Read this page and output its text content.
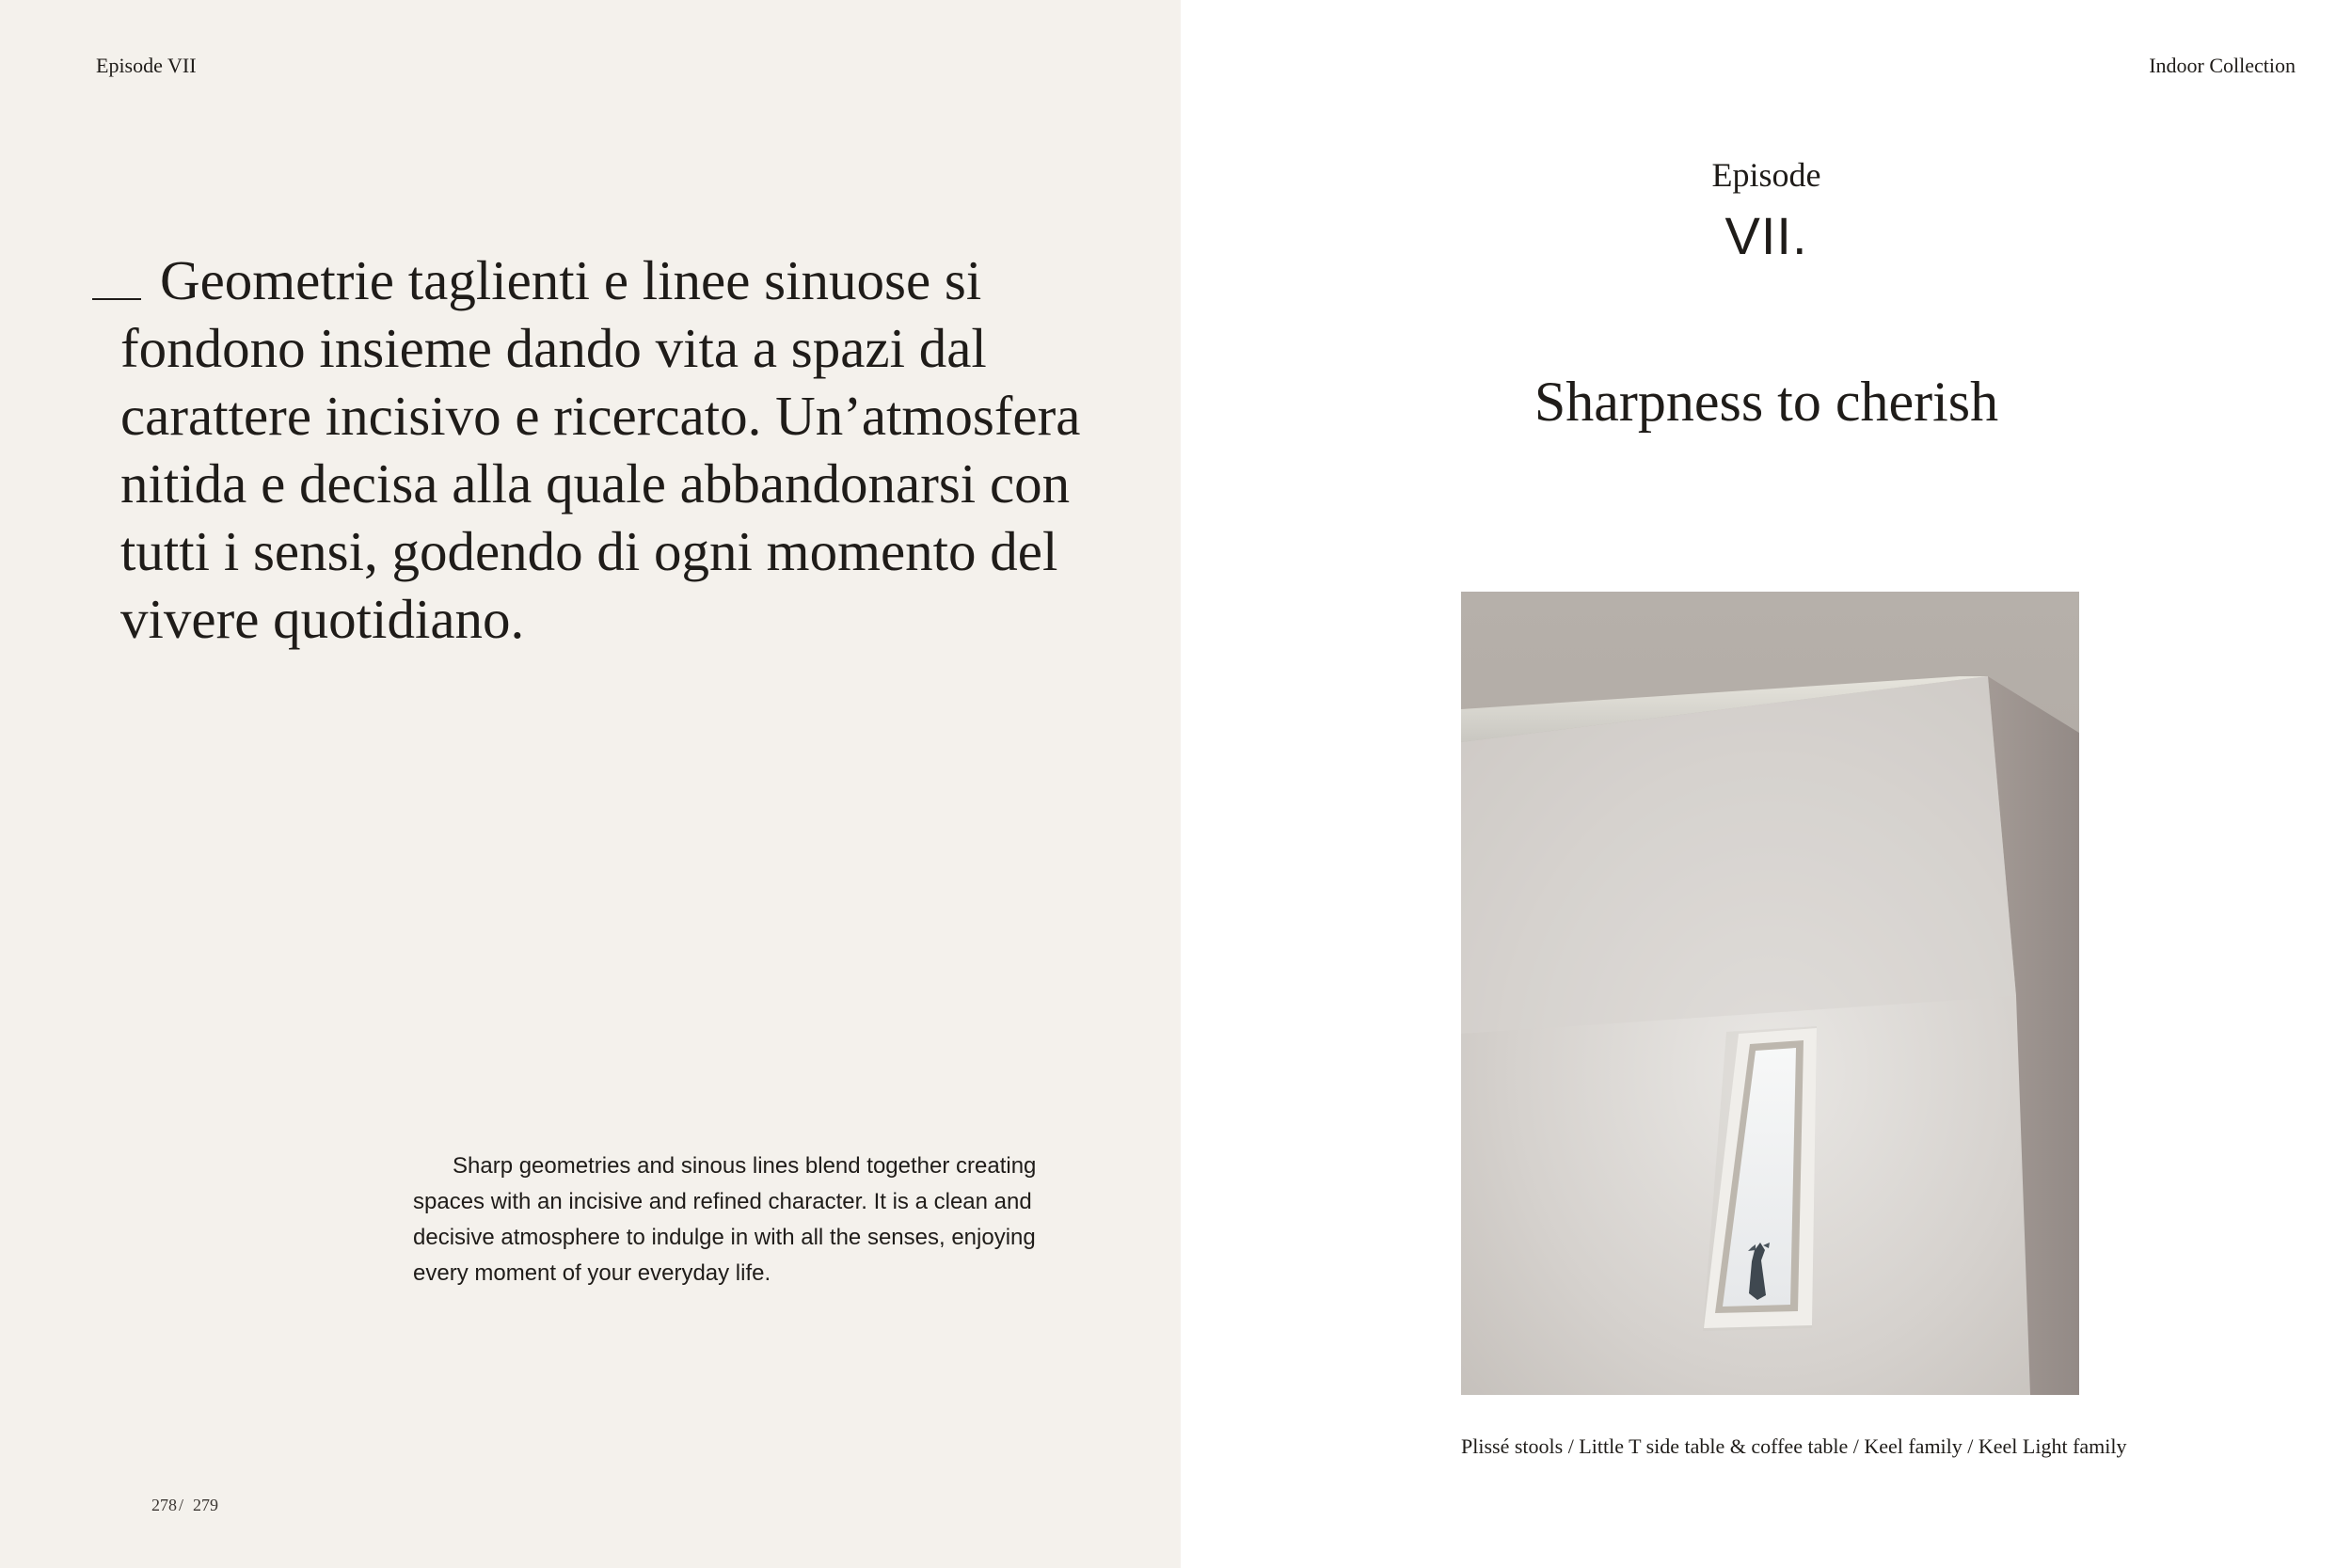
Episode VII

Geometrie taglienti e linee sinuose si fondono insieme dando vita a spazi dal carattere incisivo e ricercato. Un’atmosfera nitida e decisa alla quale abbandonarsi con tutti i sensi, godendo di ogni momento del vivere quotidiano.

Sharp geometries and sinous lines blend together creating spaces with an incisive and refined character. It is a clean and decisive atmosphere to indulge in with all the senses, enjoying every moment of your everyday life.

278 / 279
Indoor Collection
Episode
VII.
Sharpness to cherish
Plissé stools / Little T side table & coffee table / Keel family / Keel Light family
